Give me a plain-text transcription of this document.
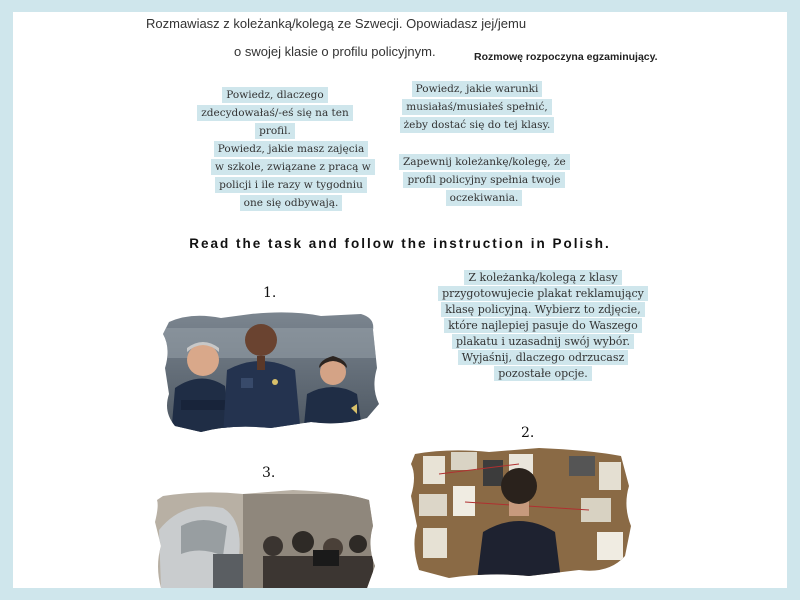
Rozmawiasz z koleżanką/kolegą ze Szwecji. Opowiadasz jej/jemu
o swojej klasie o profilu policyjnym.	Rozmowę rozpoczyna egzaminujący.
Powiedz, dlaczego zdecydowałaś/-eś się na ten profil.
Powiedz, jakie warunki musiałaś/musiałeś spełnić, żeby dostać się do tej klasy.
Powiedz, jakie masz zajęcia w szkole, związane z pracą w policji i ile razy w tygodniu one się odbywają.
Zapewnij koleżankę/kolegę, że profil policyjny spełnia twoje oczekiwania.
Read the task and follow the instruction in Polish.
Z koleżanką/kolegą z klasy przygotowujecie plakat reklamujący klasę policyjną. Wybierz to zdjęcie, które najlepiej pasuje do Waszego plakatu i uzasadnij swój wybór. Wyjaśnij, dlaczego odrzucasz pozostałe opcje.
1.
2.
3.
